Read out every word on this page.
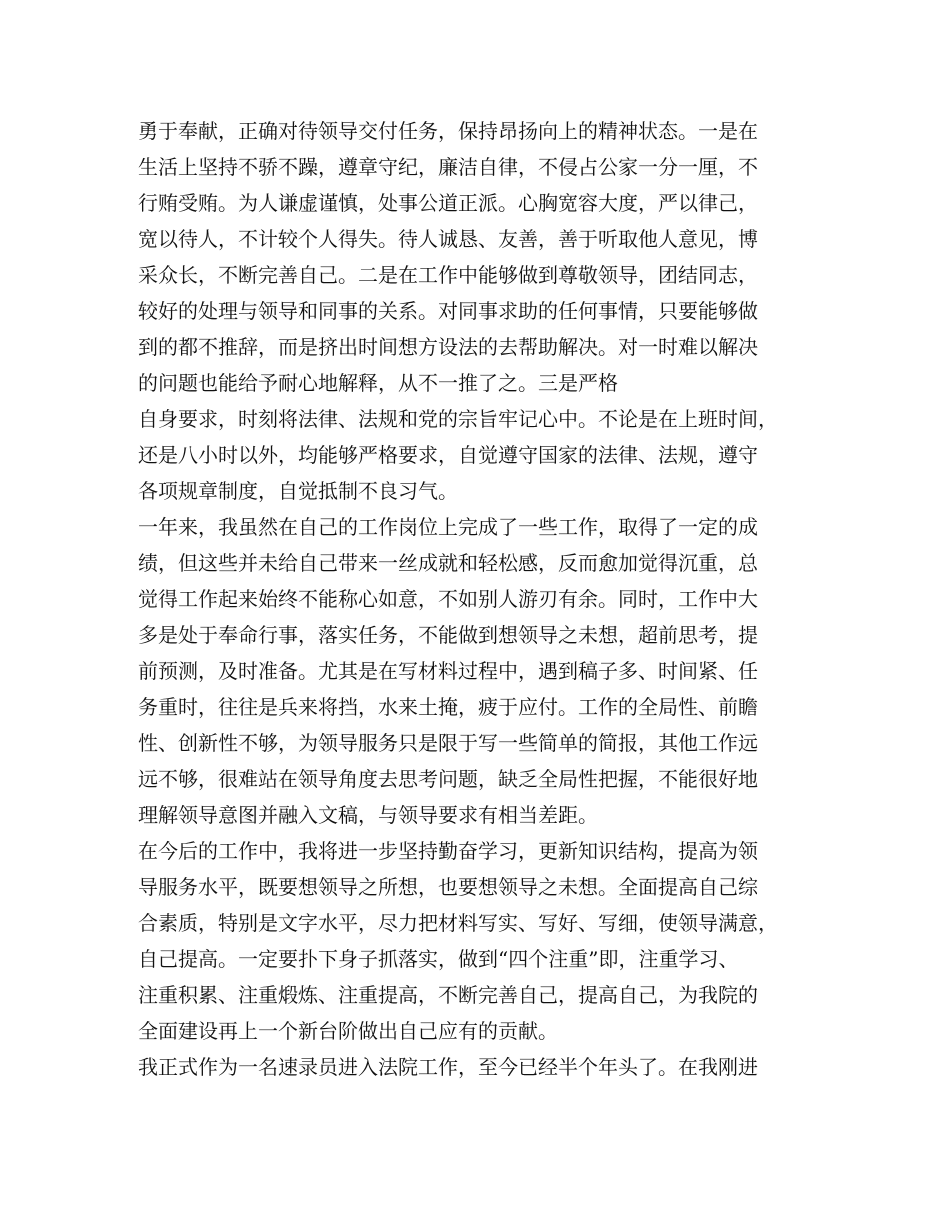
勇于奉献，正确对待领导交付任务，保持昂扬向上的精神状态。一是在
生活上坚持不骄不躁，遵章守纪，廉洁自律，不侵占公家一分一厘，不
行贿受贿。为人谦虚谨慎，处事公道正派。心胸宽容大度，严以律己，
宽以待人，不计较个人得失。待人诚恳、友善，善于听取他人意见，博
采众长，不断完善自己。二是在工作中能够做到尊敬领导，团结同志，
较好的处理与领导和同事的关系。对同事求助的任何事情，只要能够做
到的都不推辞，而是挤出时间想方设法的去帮助解决。对一时难以解决
的问题也能给予耐心地解释，从不一推了之。三是严格
自身要求，时刻将法律、法规和党的宗旨牢记心中。不论是在上班时间，
还是八小时以外，均能够严格要求，自觉遵守国家的法律、法规，遵守
各项规章制度，自觉抵制不良习气。
一年来，我虽然在自己的工作岗位上完成了一些工作，取得了一定的成
绩，但这些并未给自己带来一丝成就和轻松感，反而愈加觉得沉重，总
觉得工作起来始终不能称心如意，不如别人游刃有余。同时，工作中大
多是处于奉命行事，落实任务，不能做到想领导之未想，超前思考，提
前预测，及时准备。尤其是在写材料过程中，遇到稿子多、时间紧、任
务重时，往往是兵来将挡，水来土掩，疲于应付。工作的全局性、前瞻
性、创新性不够，为领导服务只是限于写一些简单的简报，其他工作远
远不够，很难站在领导角度去思考问题，缺乏全局性把握，不能很好地
理解领导意图并融入文稿，与领导要求有相当差距。
在今后的工作中，我将进一步坚持勤奋学习，更新知识结构，提高为领
导服务水平，既要想领导之所想，也要想领导之未想。全面提高自己综
合素质，特别是文字水平，尽力把材料写实、写好、写细，使领导满意，
自己提高。一定要扑下身子抓落实，做到“四个注重”即，注重学习、
注重积累、注重煅炼、注重提高，不断完善自己，提高自己，为我院的
全面建设再上一个新台阶做出自己应有的贡献。
我正式作为一名速录员进入法院工作，至今已经半个年头了。在我刚进
